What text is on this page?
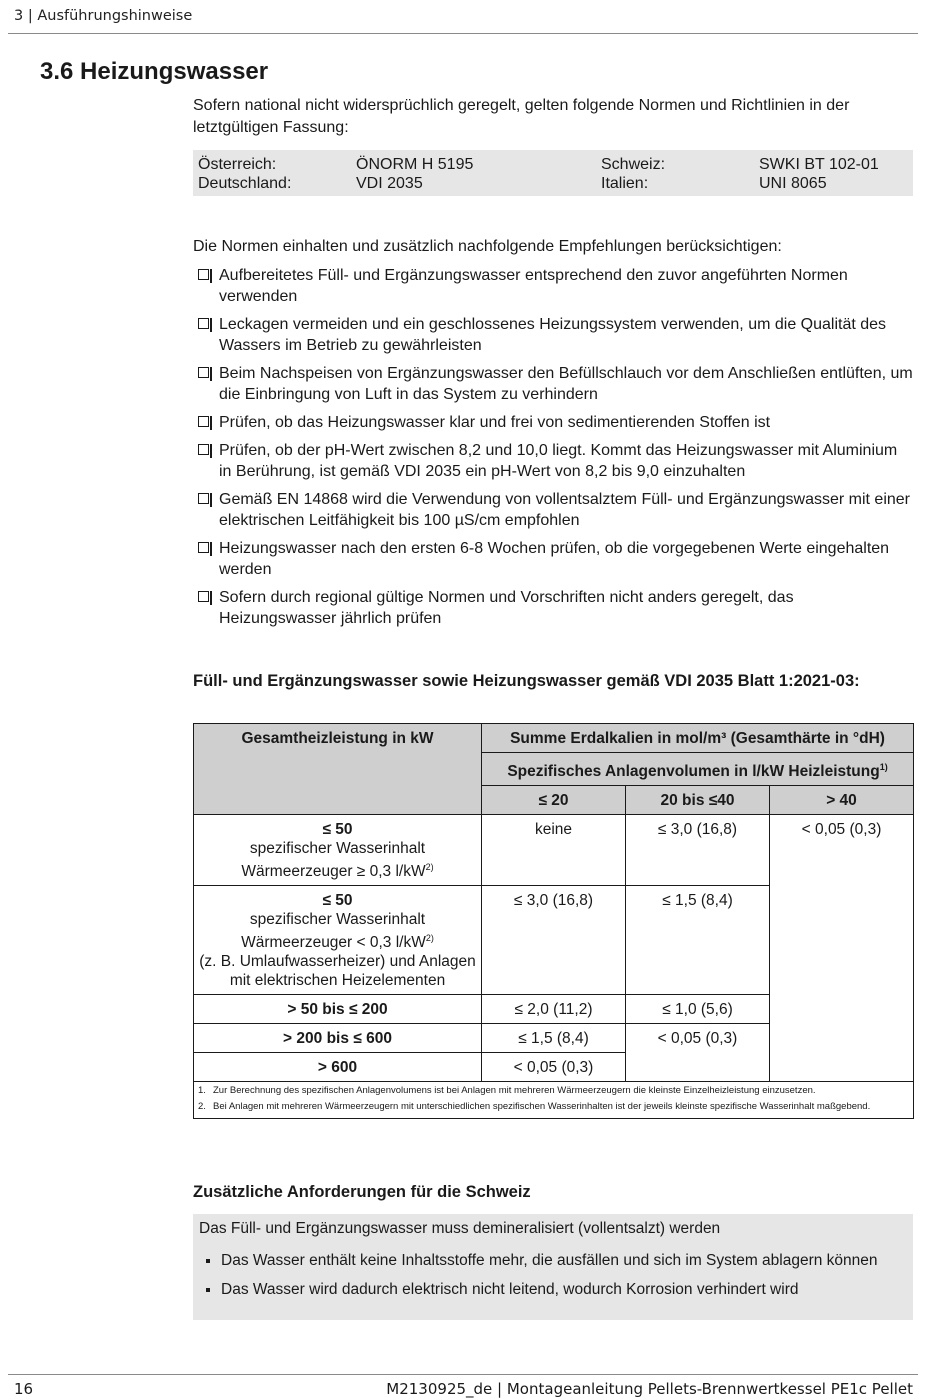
3 | Ausführungshinweise
3.6 Heizungswasser
Sofern national nicht widersprüchlich geregelt, gelten folgende Normen und Richtlinien in der letztgültigen Fassung:
Österreich:	ÖNORM H 5195	Schweiz:	SWKI BT 102-01
Deutschland:	VDI 2035	Italien:	UNI 8065
Die Normen einhalten und zusätzlich nachfolgende Empfehlungen berücksichtigen:
Aufbereitetes Füll- und Ergänzungswasser entsprechend den zuvor angeführten Normen verwenden
Leckagen vermeiden und ein geschlossenes Heizungssystem verwenden, um die Qualität des Wassers im Betrieb zu gewährleisten
Beim Nachspeisen von Ergänzungswasser den Befüllschlauch vor dem Anschließen entlüften, um die Einbringung von Luft in das System zu verhindern
Prüfen, ob das Heizungswasser klar und frei von sedimentierenden Stoffen ist
Prüfen, ob der pH-Wert zwischen 8,2 und 10,0 liegt. Kommt das Heizungswasser mit Aluminium in Berührung, ist gemäß VDI 2035 ein pH-Wert von 8,2 bis 9,0 einzuhalten
Gemäß EN 14868 wird die Verwendung von vollentsalztem Füll- und Ergänzungswasser mit einer elektrischen Leitfähigkeit bis 100 µS/cm empfohlen
Heizungswasser nach den ersten 6-8 Wochen prüfen, ob die vorgegebenen Werte eingehalten werden
Sofern durch regional gültige Normen und Vorschriften nicht anders geregelt, das Heizungswasser jährlich prüfen
Füll- und Ergänzungswasser sowie Heizungswasser gemäß VDI 2035 Blatt 1:2021-03:
Gesamtheizleistung in kW	Summe Erdalkalien in mol/m³ (Gesamthärte in °dH)		
	Spezifisches Anlagenvolumen in l/kW Heizleistung$^{1)}$
	≤ 20	20 bis ≤40	> 40
≤ 50
spezifischer Wasserinhalt
Wärmeerzeuger ≥ 0,3 $l/kW^{2)}$	keine	≤ 3,0 (16,8)	< 0,05 (0,3)
≤ 50
spezifischer Wasserinhalt
Wärmeerzeuger < 0,3 $l/kW^{2)}$
(z. B. Umlaufwasserheizer) und Anlagen mit elektrischen Heizelementen	≤ 3,0 (16,8)	≤ 1,5 (8,4)	
> 50 bis ≤ 200	≤ 2,0 (11,2)	≤ 1,0 (5,6)	
> 200 bis ≤ 600	≤ 1,5 (8,4)	< 0,05 (0,3)	
> 600	< 0,05 (0,3)		
1. Zur Berechnung des spezifischen Anlagenvolumens ist bei Anlagen mit mehreren Wärmeerzeugern die kleinste Einzelheizleistung einzusetzen.			
2. Bei Anlagen mit mehreren Wärmeerzeugern mit unterschiedlichen spezifischen Wasserinhalten ist der jeweils kleinste spezifische Wasserinhalt maßgebend.			
Zusätzliche Anforderungen für die Schweiz
Das Füll- und Ergänzungswasser muss demineralisiert (vollentsalzt) werden
Das Wasser enthält keine Inhaltsstoffe mehr, die ausfällen und sich im System ablagern können
Das Wasser wird dadurch elektrisch nicht leitend, wodurch Korrosion verhindert wird
16	M2130925_de | Montageanleitung Pellets-Brennwertkessel PE1c Pellet
